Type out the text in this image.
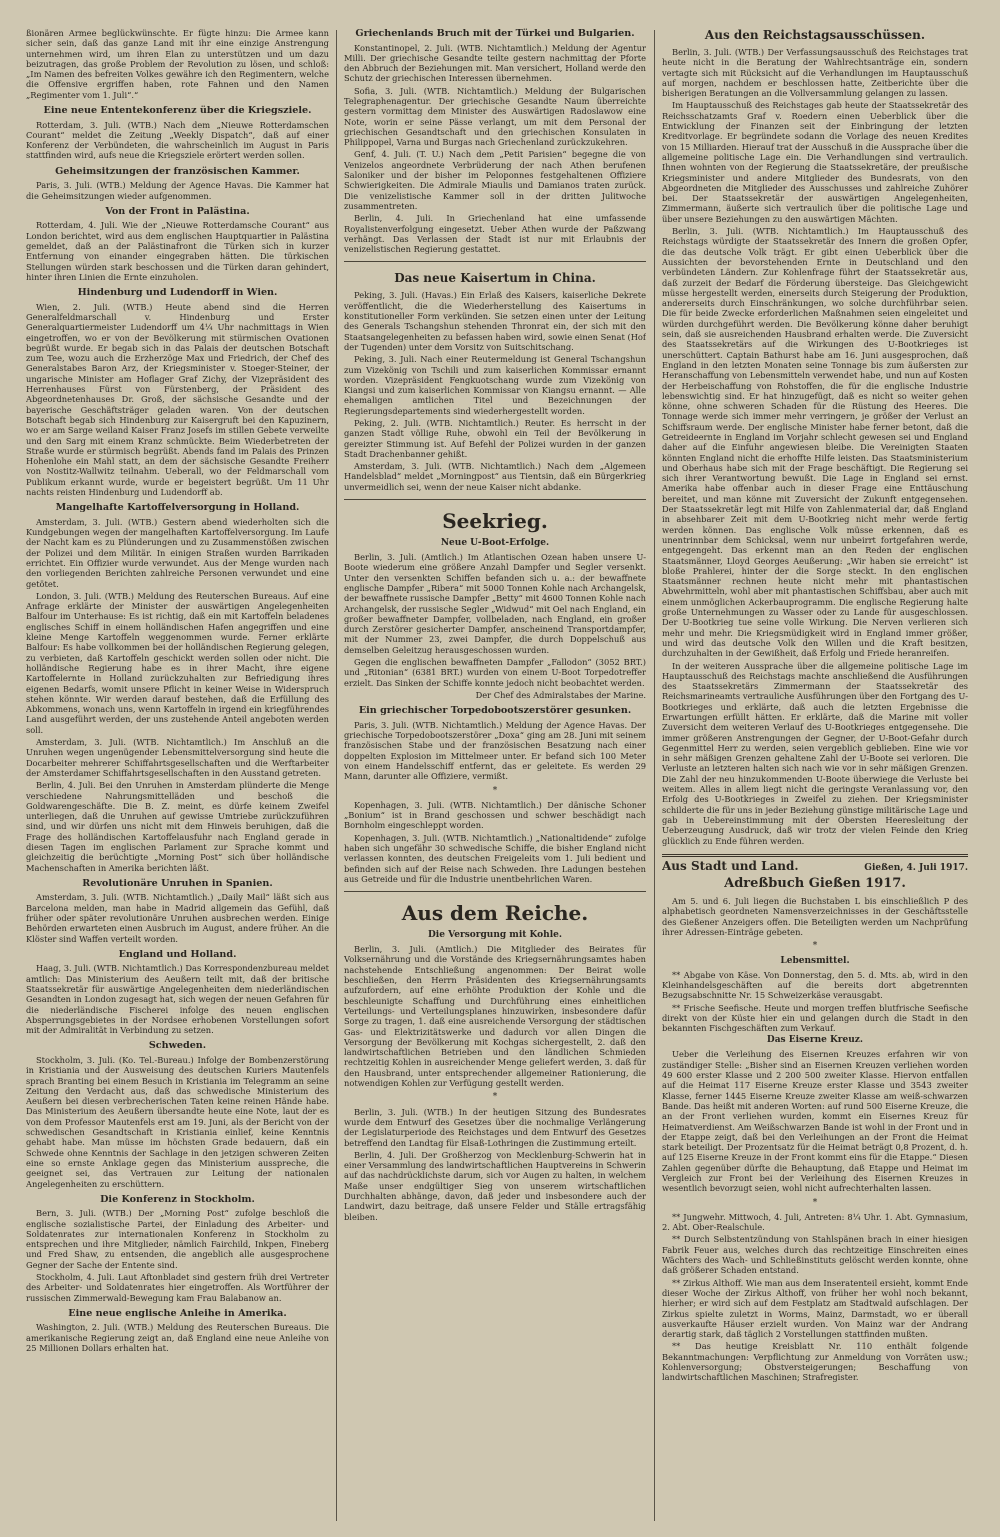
ßionären Armee beglückwünschte. Er fügte hinzu: Die Armee kann sicher sein, daß das ganze Land mit ihr eine einzige Anstrengung unternehmen wird, um ihren Elan zu unterstützen und um dazu beizutragen, das große Problem der Revolution zu lösen, und schloß: „Im Namen des befreiten Volkes gewähre ich den Regimentern, welche die Offensive ergriffen haben, rote Fahnen und den Namen „Regimenter vom 1. Juli“.“

Eine neue Ententekonferenz über die Kriegsziele.

Rotterdam, 3. Juli. (WTB.) Nach dem „Nieuwe Rotterdamschen Courant“ meldet die Zeitung „Weekly Dispatch“, daß auf einer Konferenz der Verbündeten, die wahrscheinlich im August in Paris stattfinden wird, aufs neue die Kriegsziele erörtert werden sollen.

Geheimsitzungen der französischen Kammer.

Paris, 3. Juli. (WTB.) Meldung der Agence Havas. Die Kammer hat die Geheimsitzungen wieder aufgenommen.

Von der Front in Palästina.

Rotterdam, 4. Juli. Wie der „Nieuwe Rotterdamsche Courant“ aus London berichtet, wird aus dem englischen Hauptquartier in Palästina gemeldet, daß an der Palästinafront die Türken sich in kurzer Entfernung von einander eingegraben hätten. Die türkischen Stellungen würden stark beschossen und die Türken daran gehindert, hinter ihren Linien die Ernte einzuholen.

Hindenburg und Ludendorff in Wien.

Wien, 2. Juli. (WTB.) Heute abend sind die Herren Generalfeldmarschall v. Hindenburg und Erster Generalquartiermeister Ludendorff um 4¼ Uhr nachmittags in Wien eingetroffen, wo er von der Bevölkerung mit stürmischen Ovationen begrüßt wurde. Er begab sich in das Palais der deutschen Botschaft zum Tee, wozu auch die Erzherzöge Max und Friedrich, der Chef des Generalstabes Baron Arz, der Kriegsminister v. Stoeger-Steiner, der ungarische Minister am Hoflager Graf Zichy, der Vizepräsident des Herrenhauses Fürst von Fürstenberg, der Präsident des Abgeordnetenhauses Dr. Groß, der sächsische Gesandte und der bayerische Geschäftsträger geladen waren. Von der deutschen Botschaft begab sich Hindenburg zur Kaisergruft bei den Kapuzinern, wo er am Sarge weiland Kaiser Franz Josefs im stillen Gebete verweilte und den Sarg mit einem Kranz schmückte. Beim Wiederbetreten der Straße wurde er stürmisch begrüßt. Abends fand im Palais des Prinzen Hohenlohe ein Mahl statt, an dem der sächsische Gesandte Freiherr von Nostitz-Wallwitz teilnahm. Ueberall, wo der Feldmarschall vom Publikum erkannt wurde, wurde er begeistert begrüßt. Um 11 Uhr nachts reisten Hindenburg und Ludendorff ab.

Mangelhafte Kartoffelversorgung in Holland.

Amsterdam, 3. Juli. (WTB.) Gestern abend wiederholten sich die Kundgebungen wegen der mangelhaften Kartoffelversorgung. Im Laufe der Nacht kam es zu Plünderungen und zu Zusammenstößen zwischen der Polizei und dem Militär. In einigen Straßen wurden Barrikaden errichtet. Ein Offizier wurde verwundet. Aus der Menge wurden nach den vorliegenden Berichten zahlreiche Personen verwundet und eine getötet.

London, 3. Juli. (WTB.) Meldung des Reuterschen Bureaus. Auf eine Anfrage erklärte der Minister der auswärtigen Angelegenheiten Balfour im Unterhause: Es ist richtig, daß ein mit Kartoffeln beladenes englisches Schiff in einem holländischen Hafen angegriffen und eine kleine Menge Kartoffeln weggenommen wurde. Ferner erklärte Balfour: Es habe vollkommen bei der holländischen Regierung gelegen, zu verbieten, daß Kartoffeln geschickt werden sollen oder nicht. Die holländische Regierung habe es in ihrer Macht, ihre eigene Kartoffelernte in Holland zurückzuhalten zur Befriedigung ihres eigenen Bedarfs, womit unsere Pflicht in keiner Weise in Widerspruch stehen könnte. Wir werden darauf bestehen, daß die Erfüllung des Abkommens, wonach uns, wenn Kartoffeln in irgend ein kriegführendes Land ausgeführt werden, der uns zustehende Anteil angeboten werden soll.

Amsterdam, 3. Juli. (WTB. Nichtamtlich.) Im Anschluß an die Unruhen wegen ungenügender Lebensmittelversorgung sind heute die Docarbeiter mehrerer Schiffahrtsgesellschaften und die Werftarbeiter der Amsterdamer Schiffahrtsgesellschaften in den Ausstand getreten.

Berlin, 4. Juli. Bei den Unruhen in Amsterdam plünderte die Menge verschiedene Nahrungsmittelläden und beschoß die Goldwarengeschäfte. Die B. Z. meint, es dürfe keinem Zweifel unterliegen, daß die Unruhen auf gewisse Umtriebe zurückzuführen sind, und wir dürfen uns nicht mit dem Hinweis beruhigen, daß die Frage des holländischen Kartoffelausfuhr nach England gerade in diesen Tagen im englischen Parlament zur Sprache kommt und gleichzeitig die berüchtigte „Morning Post“ sich über holländische Machenschaften in Amerika berichten läßt.

Revolutionäre Unruhen in Spanien.

Amsterdam, 3. Juli. (WTB. Nichtamtlich.) „Daily Mail“ läßt sich aus Barcelona melden, man habe in Madrid allgemein das Gefühl, daß früher oder später revolutionäre Unruhen ausbrechen werden. Einige Behörden erwarteten einen Ausbruch im August, andere früher. An die Klöster sind Waffen verteilt worden.

England und Holland.

Haag, 3. Juli. (WTB. Nichtamtlich.) Das Korrespondenzbureau meldet amtlich: Das Ministerium des Aeußern teilt mit, daß der britische Staatssekretär für auswärtige Angelegenheiten dem niederländischen Gesandten in London zugesagt hat, sich wegen der neuen Gefahren für die niederländische Fischerei infolge des neuen englischen Absperrungsgebietes in der Nordsee erhobenen Vorstellungen sofort mit der Admiralität in Verbindung zu setzen.

Schweden.

Stockholm, 3. Juli. (Ko. Tel.-Bureau.) Infolge der Bombenzerstörung in Kristiania und der Ausweisung des deutschen Kuriers Mautenfels sprach Branting bei einem Besuch in Kristiania im Telegramm an seine Zeitung den Verdacht aus, daß das schwedische Ministerium des Aeußern bei diesen verbrecherischen Taten keine reinen Hände habe. Das Ministerium des Aeußern übersandte heute eine Note, laut der es von dem Professor Mautenfels erst am 19. Juni, als der Bericht von der schwedischen Gesandtschaft in Kristiania einlief, keine Kenntnis gehabt habe. Man müsse im höchsten Grade bedauern, daß ein Schwede ohne Kenntnis der Sachlage in den jetzigen schweren Zeiten eine so ernste Anklage gegen das Ministerium ausspreche, die geeignet sei, das Vertrauen zur Leitung der nationalen Angelegenheiten zu erschüttern.

Die Konferenz in Stockholm.

Bern, 3. Juli. (WTB.) Der „Morning Post“ zufolge beschloß die englische sozialistische Partei, der Einladung des Arbeiter- und Soldatenrates zur internationalen Konferenz in Stockholm zu entsprechen und ihre Mitglieder, nämlich Fairchild, Inkpen, Fineberg und Fred Shaw, zu entsenden, die angeblich alle ausgesprochene Gegner der Sache der Entente sind.

Stockholm, 4. Juli. Laut Aftonbladet sind gestern früh drei Vertreter des Arbeiter- und Soldatenrates hier eingetroffen. Als Wortführer der russischen Zimmerwald-Bewegung kam Frau Balabanow an.

Eine neue englische Anleihe in Amerika.

Washington, 2. Juli. (WTB.) Meldung des Reuterschen Bureaus. Die amerikanische Regierung zeigt an, daß England eine neue Anleihe von 25 Millionen Dollars erhalten hat.

Griechenlands Bruch mit der Türkei und Bulgarien.

Konstantinopel, 2. Juli. (WTB. Nichtamtlich.) Meldung der Agentur Milli. Der griechische Gesandte teilte gestern nachmittag der Pforte den Abbruch der Beziehungen mit. Man versichert, Holland werde den Schutz der griechischen Interessen übernehmen.

Sofia, 3. Juli. (WTB. Nichtamtlich.) Meldung der Bulgarischen Telegraphenagentur. Der griechische Gesandte Naum überreichte gestern vormittag dem Minister des Auswärtigen Radoslawow eine Note, worin er seine Pässe verlangt, um mit dem Personal der griechischen Gesandtschaft und den griechischen Konsulaten in Philippopel, Varna und Burgas nach Griechenland zurückzukehren.

Genf, 4. Juli. (T. U.) Nach dem „Petit Parisien“ begegne die von Venizelos angeordnete Verbrüderung der nach Athen berufenen Saloniker und der bisher im Peloponnes festgehaltenen Offiziere Schwierigkeiten. Die Admirale Miaulis und Damianos traten zurück. Die venizelistische Kammer soll in der dritten Julitwoche zusammentreten.

Berlin, 4. Juli. In Griechenland hat eine umfassende Royalistenverfolgung eingesetzt. Ueber Athen wurde der Paßzwang verhängt. Das Verlassen der Stadt ist nur mit Erlaubnis der venizelistischen Regierung gestattet.

Das neue Kaisertum in China.

Peking, 3. Juli. (Havas.) Ein Erlaß des Kaisers, kaiserliche Dekrete veröffentlicht, die die Wiederherstellung des Kaisertums in konstitutioneller Form verkünden. Sie setzen einen unter der Leitung des Generals Tschangshun stehenden Thronrat ein, der sich mit den Staatsangelegenheiten zu befassen haben wird, sowie einen Senat (Hof der Tugenden) unter dem Vorsitz von Suitschitschang.

Peking, 3. Juli. Nach einer Reutermeldung ist General Tschangshun zum Vizekönig von Tschili und zum kaiserlichen Kommissar ernannt worden. Vizepräsident Fengkuotschang wurde zum Vizekönig von Kiangsi und zum kaiserlichen Kommissar von Kiangsu ernannt. — Alle ehemaligen amtlichen Titel und Bezeichnungen der Regierungsdepartements sind wiederhergestellt worden.

Peking, 2. Juli. (WTB. Nichtamtlich.) Reuter. Es herrscht in der ganzen Stadt völlige Ruhe, obwohl ein Teil der Bevölkerung in gereizter Stimmung ist. Auf Befehl der Polizei wurden in der ganzen Stadt Drachenbanner gehißt.

Amsterdam, 3. Juli. (WTB. Nichtamtlich.) Nach dem „Algemeen Handelsblad“ meldet „Morningpost“ aus Tientsin, daß ein Bürgerkrieg unvermeidlich sei, wenn der neue Kaiser nicht abdanke.

Seekrieg.
Neue U-Boot-Erfolge.

Berlin, 3. Juli. (Amtlich.) Im Atlantischen Ozean haben unsere U-Boote wiederum eine größere Anzahl Dampfer und Segler versenkt. Unter den versenkten Schiffen befanden sich u. a.: der bewaffnete englische Dampfer „Ribera“ mit 5000 Tonnen Kohle nach Archangelsk, der bewaffnete russische Dampfer „Betty“ mit 4600 Tonnen Kohle nach Archangelsk, der russische Segler „Widwud“ mit Oel nach England, ein großer bewaffneter Dampfer, vollbeladen, nach England, ein großer durch Zerstörer gesicherter Dampfer, anscheinend Transportdampfer, mit der Nummer 23, zwei Dampfer, die durch Doppelschuß aus demselben Geleitzug herausgeschossen wurden.

Gegen die englischen bewaffneten Dampfer „Fallodon“ (3052 BRT.) und „Ritonian“ (6381 BRT.) wurden von einem U-Boot Torpedotreffer erzielt. Das Sinken der Schiffe konnte jedoch nicht beobachtet werden.

Der Chef des Admiralstabes der Marine.

Ein griechischer Torpedobootszerstörer gesunken.

Paris, 3. Juli. (WTB. Nichtamtlich.) Meldung der Agence Havas. Der griechische Torpedobootszerstörer „Doxa“ ging am 28. Juni mit seinem französischen Stabe und der französischen Besatzung nach einer doppelten Explosion im Mittelmeer unter. Er befand sich 100 Meter von einem Handelsschiff entfernt, das er geleitete. Es werden 29 Mann, darunter alle Offiziere, vermißt.

*

Kopenhagen, 3. Juli. (WTB. Nichtamtlich.) Der dänische Schoner „Bonium“ ist in Brand geschossen und schwer beschädigt nach Bornholm eingeschleppt worden.

Kopenhagen, 3. Juli. (WTB. Nichtamtlich.) „Nationaltidende“ zufolge haben sich ungefähr 30 schwedische Schiffe, die bisher England nicht verlassen konnten, des deutschen Freigeleits vom 1. Juli bedient und befinden sich auf der Reise nach Schweden. Ihre Ladungen bestehen aus Getreide und für die Industrie unentbehrlichen Waren.

Aus dem Reiche.
Die Versorgung mit Kohle.

Berlin, 3. Juli. (Amtlich.) Die Mitglieder des Beirates für Volksernährung und die Vorstände des Kriegsernährungsamtes haben nachstehende Entschließung angenommen: Der Beirat wolle beschließen, den Herrn Präsidenten des Kriegsernährungsamts aufzufordern, auf eine erhöhte Produktion der Kohle und die beschleunigte Schaffung und Durchführung eines einheitlichen Verteilungs- und Verteilungsplanes hinzuwirken, insbesondere dafür Sorge zu tragen, 1. daß eine ausreichende Versorgung der städtischen Gas- und Elektrizitätswerke und dadurch vor allen Dingen die Versorgung der Bevölkerung mit Kochgas sichergestellt, 2. daß den landwirtschaftlichen Betrieben und den ländlichen Schmieden rechtzeitig Kohlen in ausreichender Menge geliefert werden, 3. daß für den Hausbrand, unter entsprechender allgemeiner Rationierung, die notwendigen Kohlen zur Verfügung gestellt werden.

*

Berlin, 3. Juli. (WTB.) In der heutigen Sitzung des Bundesrates wurde dem Entwurf des Gesetzes über die nochmalige Verlängerung der Legislaturperiode des Reichstages und dem Entwurf des Gesetzes betreffend den Landtag für Elsaß-Lothringen die Zustimmung erteilt.

Berlin, 4. Juli. Der Großherzog von Mecklenburg-Schwerin hat in einer Versammlung des landwirtschaftlichen Hauptvereins in Schwerin auf das nachdrücklichste darum, sich vor Augen zu halten, in welchem Maße unser endgültiger Sieg von unserem wirtschaftlichen Durchhalten abhänge, davon, daß jeder und insbesondere auch der Landwirt, dazu beitrage, daß unsere Felder und Ställe ertragsfähig bleiben.

Aus den Reichstagsausschüssen.

Berlin, 3. Juli. (WTB.) Der Verfassungsausschuß des Reichstages trat heute nicht in die Beratung der Wahlrechtsanträge ein, sondern vertagte sich mit Rücksicht auf die Verhandlungen im Hauptausschuß auf morgen, nachdem er beschlossen hatte, Zeitberichte über die bisherigen Beratungen an die Vollversammlung gelangen zu lassen.

Im Hauptausschuß des Reichstages gab heute der Staatssekretär des Reichsschatzamts Graf v. Roedern einen Ueberblick über die Entwicklung der Finanzen seit der Einbringung der letzten Kreditvorlage. Er begründete sodann die Vorlage des neuen Kredites von 15 Milliarden. Hierauf trat der Ausschuß in die Aussprache über die allgemeine politische Lage ein. Die Verhandlungen sind vertraulich. Ihnen wohnten von der Regierung die Staatssekretäre, der preußische Kriegsminister und andere Mitglieder des Bundesrats, von den Abgeordneten die Mitglieder des Ausschusses und zahlreiche Zuhörer bei. Der Staatssekretär der auswärtigen Angelegenheiten, Zimmermann, äußerte sich vertraulich über die politische Lage und über unsere Beziehungen zu den auswärtigen Mächten.

Berlin, 3. Juli. (WTB. Nichtamtlich.) Im Hauptausschuß des Reichstags würdigte der Staatssekretär des Innern die großen Opfer, die das deutsche Volk trägt. Er gibt einen Ueberblick über die Aussichten der bevorstehenden Ernte in Deutschland und den verbündeten Ländern. Zur Kohlenfrage führt der Staatssekretär aus, daß zurzeit der Bedarf die Förderung übersteige. Das Gleichgewicht müsse hergestellt werden, einerseits durch Steigerung der Produktion, andererseits durch Einschränkungen, wo solche durchführbar seien. Die für beide Zwecke erforderlichen Maßnahmen seien eingeleitet und würden durchgeführt werden. Die Bevölkerung könne daher beruhigt sein, daß sie ausreichenden Hausbrand erhalten werde. Die Zuversicht des Staatssekretärs auf die Wirkungen des U-Bootkrieges ist unerschüttert. Captain Bathurst habe am 16. Juni ausgesprochen, daß England in den letzten Monaten seine Tonnage bis zum äußersten zur Heranschaffung von Lebensmitteln verwendet habe, und nun auf Kosten der Herbeischaffung von Rohstoffen, die für die englische Industrie lebenswichtig sind. Er hat hinzugefügt, daß es nicht so weiter gehen könne, ohne schweren Schaden für die Rüstung des Heeres. Die Tonnage werde sich immer mehr verringern, je größer der Verlust an Schiffsraum werde. Der englische Minister habe ferner betont, daß die Getreideernte in England im Vorjahr schlecht gewesen sei und England daher auf die Einfuhr angewiesen bleibe. Die Vereinigten Staaten könnten England nicht die erhoffte Hilfe leisten. Das Staatsministerium und Oberhaus habe sich mit der Frage beschäftigt. Die Regierung sei sich ihrer Verantwortung bewußt. Die Lage in England sei ernst. Amerika habe offenbar auch in dieser Frage eine Enttäuschung bereitet, und man könne mit Zuversicht der Zukunft entgegensehen. Der Staatssekretär legt mit Hilfe von Zahlenmaterial dar, daß England in absehbarer Zeit mit dem U-Bootkrieg nicht mehr werde fertig werden können. Das englische Volk müsse erkennen, daß es unentrinnbar dem Schicksal, wenn nur unbeirrt fortgefahren werde, entgegengeht. Das erkennt man an den Reden der englischen Staatsmänner, Lloyd Georges Aeußerung: „Wir haben sie erreicht“ ist bloße Prahlerei, hinter der die Sorge steckt. In den englischen Staatsmänner rechnen heute nicht mehr mit phantastischen Abwehrmitteln, wohl aber mit phantastischen Schiffsbau, aber auch mit einem unmöglichen Ackerbauprogramm. Die englische Regierung halte große Unternehmungen zu Wasser oder zu Lande für ausgeschlossen. Der U-Bootkrieg tue seine volle Wirkung. Die Nerven verlieren sich mehr und mehr. Die Kriegsmüdigkeit wird in England immer größer, und wird das deutsche Volk den Willen und die Kraft besitzen, durchzuhalten in der Gewißheit, daß Erfolg und Friede heranreifen.

In der weiteren Aussprache über die allgemeine politische Lage im Hauptausschuß des Reichstags machte anschließend die Ausführungen des Staatssekretärs Zimmermann der Staatssekretär des Reichsmarineamts vertrauliche Ausführungen über den Fortgang des U-Bootkrieges und erklärte, daß auch die letzten Ergebnisse die Erwartungen erfüllt hätten. Er erklärte, daß die Marine mit voller Zuversicht dem weiteren Verlauf des U-Bootkrieges entgegensehe. Die immer größeren Anstrengungen der Gegner, der U-Boot-Gefahr durch Gegenmittel Herr zu werden, seien vergeblich geblieben. Eine wie vor in sehr mäßigen Grenzen gehaltene Zahl der U-Boote sei verloren. Die Verluste an letzteren halten sich nach wie vor in sehr mäßigen Grenzen. Die Zahl der neu hinzukommenden U-Boote überwiege die Verluste bei weitem. Alles in allem liegt nicht die geringste Veranlassung vor, den Erfolg des U-Bootkrieges in Zweifel zu ziehen. Der Kriegsminister schilderte die für uns in jeder Beziehung günstige militärische Lage und gab in Uebereinstimmung mit der Obersten Heeresleitung der Ueberzeugung Ausdruck, daß wir trotz der vielen Feinde den Krieg glücklich zu Ende führen werden.

Aus Stadt und Land.	Gießen, 4. Juli 1917.
Adreßbuch Gießen 1917.

Am 5. und 6. Juli liegen die Buchstaben L bis einschließlich P des alphabetisch geordneten Namensverzeichnisses in der Geschäftsstelle des Gießener Anzeigers offen. Die Beteiligten werden um Nachprüfung ihrer Adressen-Einträge gebeten.

*
Lebensmittel.

** Abgabe von Käse. Von Donnerstag, den 5. d. Mts. ab, wird in den Kleinhandelsgeschäften auf die bereits dort abgetrennten Bezugsabschnitte Nr. 15 Schweizerkäse verausgabt.

** Frische Seefische. Heute und morgen treffen blutfrische Seefische direkt von der Küste hier ein und gelangen durch die Stadt in den bekannten Fischgeschäften zum Verkauf.

Das Eiserne Kreuz.

Ueber die Verleihung des Eisernen Kreuzes erfahren wir von zuständiger Stelle: „Bisher sind an Eisernen Kreuzen verliehen worden 49 600 erster Klasse und 2 200 500 zweiter Klasse. Hiervon entfallen auf die Heimat 117 Eiserne Kreuze erster Klasse und 3543 zweiter Klasse, ferner 1445 Eiserne Kreuze zweiter Klasse am weiß-schwarzen Bande. Das heißt mit anderen Worten: auf rund 500 Eiserne Kreuze, die an der Front verliehen wurden, kommt ein Eisernes Kreuz für Heimatverdienst. Am Weißschwarzen Bande ist wohl in der Front und in der Etappe zeigt, daß bei den Verleihungen an der Front die Heimat stark beteiligt. Der Prozentsatz für die Heimat beträgt 0,8 Prozent, d. h. auf 125 Eiserne Kreuze in der Front kommt eins für die Etappe.“ Diesen Zahlen gegenüber dürfte die Behauptung, daß Etappe und Heimat im Vergleich zur Front bei der Verleihung des Eisernen Kreuzes in wesentlich bevorzugt seien, wohl nicht aufrechterhalten lassen.

*

** Jungwehr. Mittwoch, 4. Juli, Antreten: 8¼ Uhr. 1. Abt. Gymnasium, 2. Abt. Ober-Realschule.

** Durch Selbstentzündung von Stahlspänen brach in einer hiesigen Fabrik Feuer aus, welches durch das rechtzeitige Einschreiten eines Wächters des Wach- und Schließinstituts gelöscht werden konnte, ohne daß größerer Schaden entstand.

** Zirkus Althoff. Wie man aus dem Inseratenteil ersieht, kommt Ende dieser Woche der Zirkus Althoff, von früher her wohl noch bekannt, hierher; er wird sich auf dem Festplatz am Stadtwald aufschlagen. Der Zirkus spielte zuletzt in Worms, Mainz, Darmstadt, wo er überall ausverkaufte Häuser erzielt wurden. Von Mainz war der Andrang derartig stark, daß täglich 2 Vorstellungen stattfinden mußten.

** Das heutige Kreisblatt Nr. 110 enthält folgende Bekanntmachungen: Verpflichtung zur Anmeldung von Vorräten usw.; Kohlenversorgung; Obstversteigerungen; Beschaffung von landwirtschaftlichen Maschinen; Strafregister.
